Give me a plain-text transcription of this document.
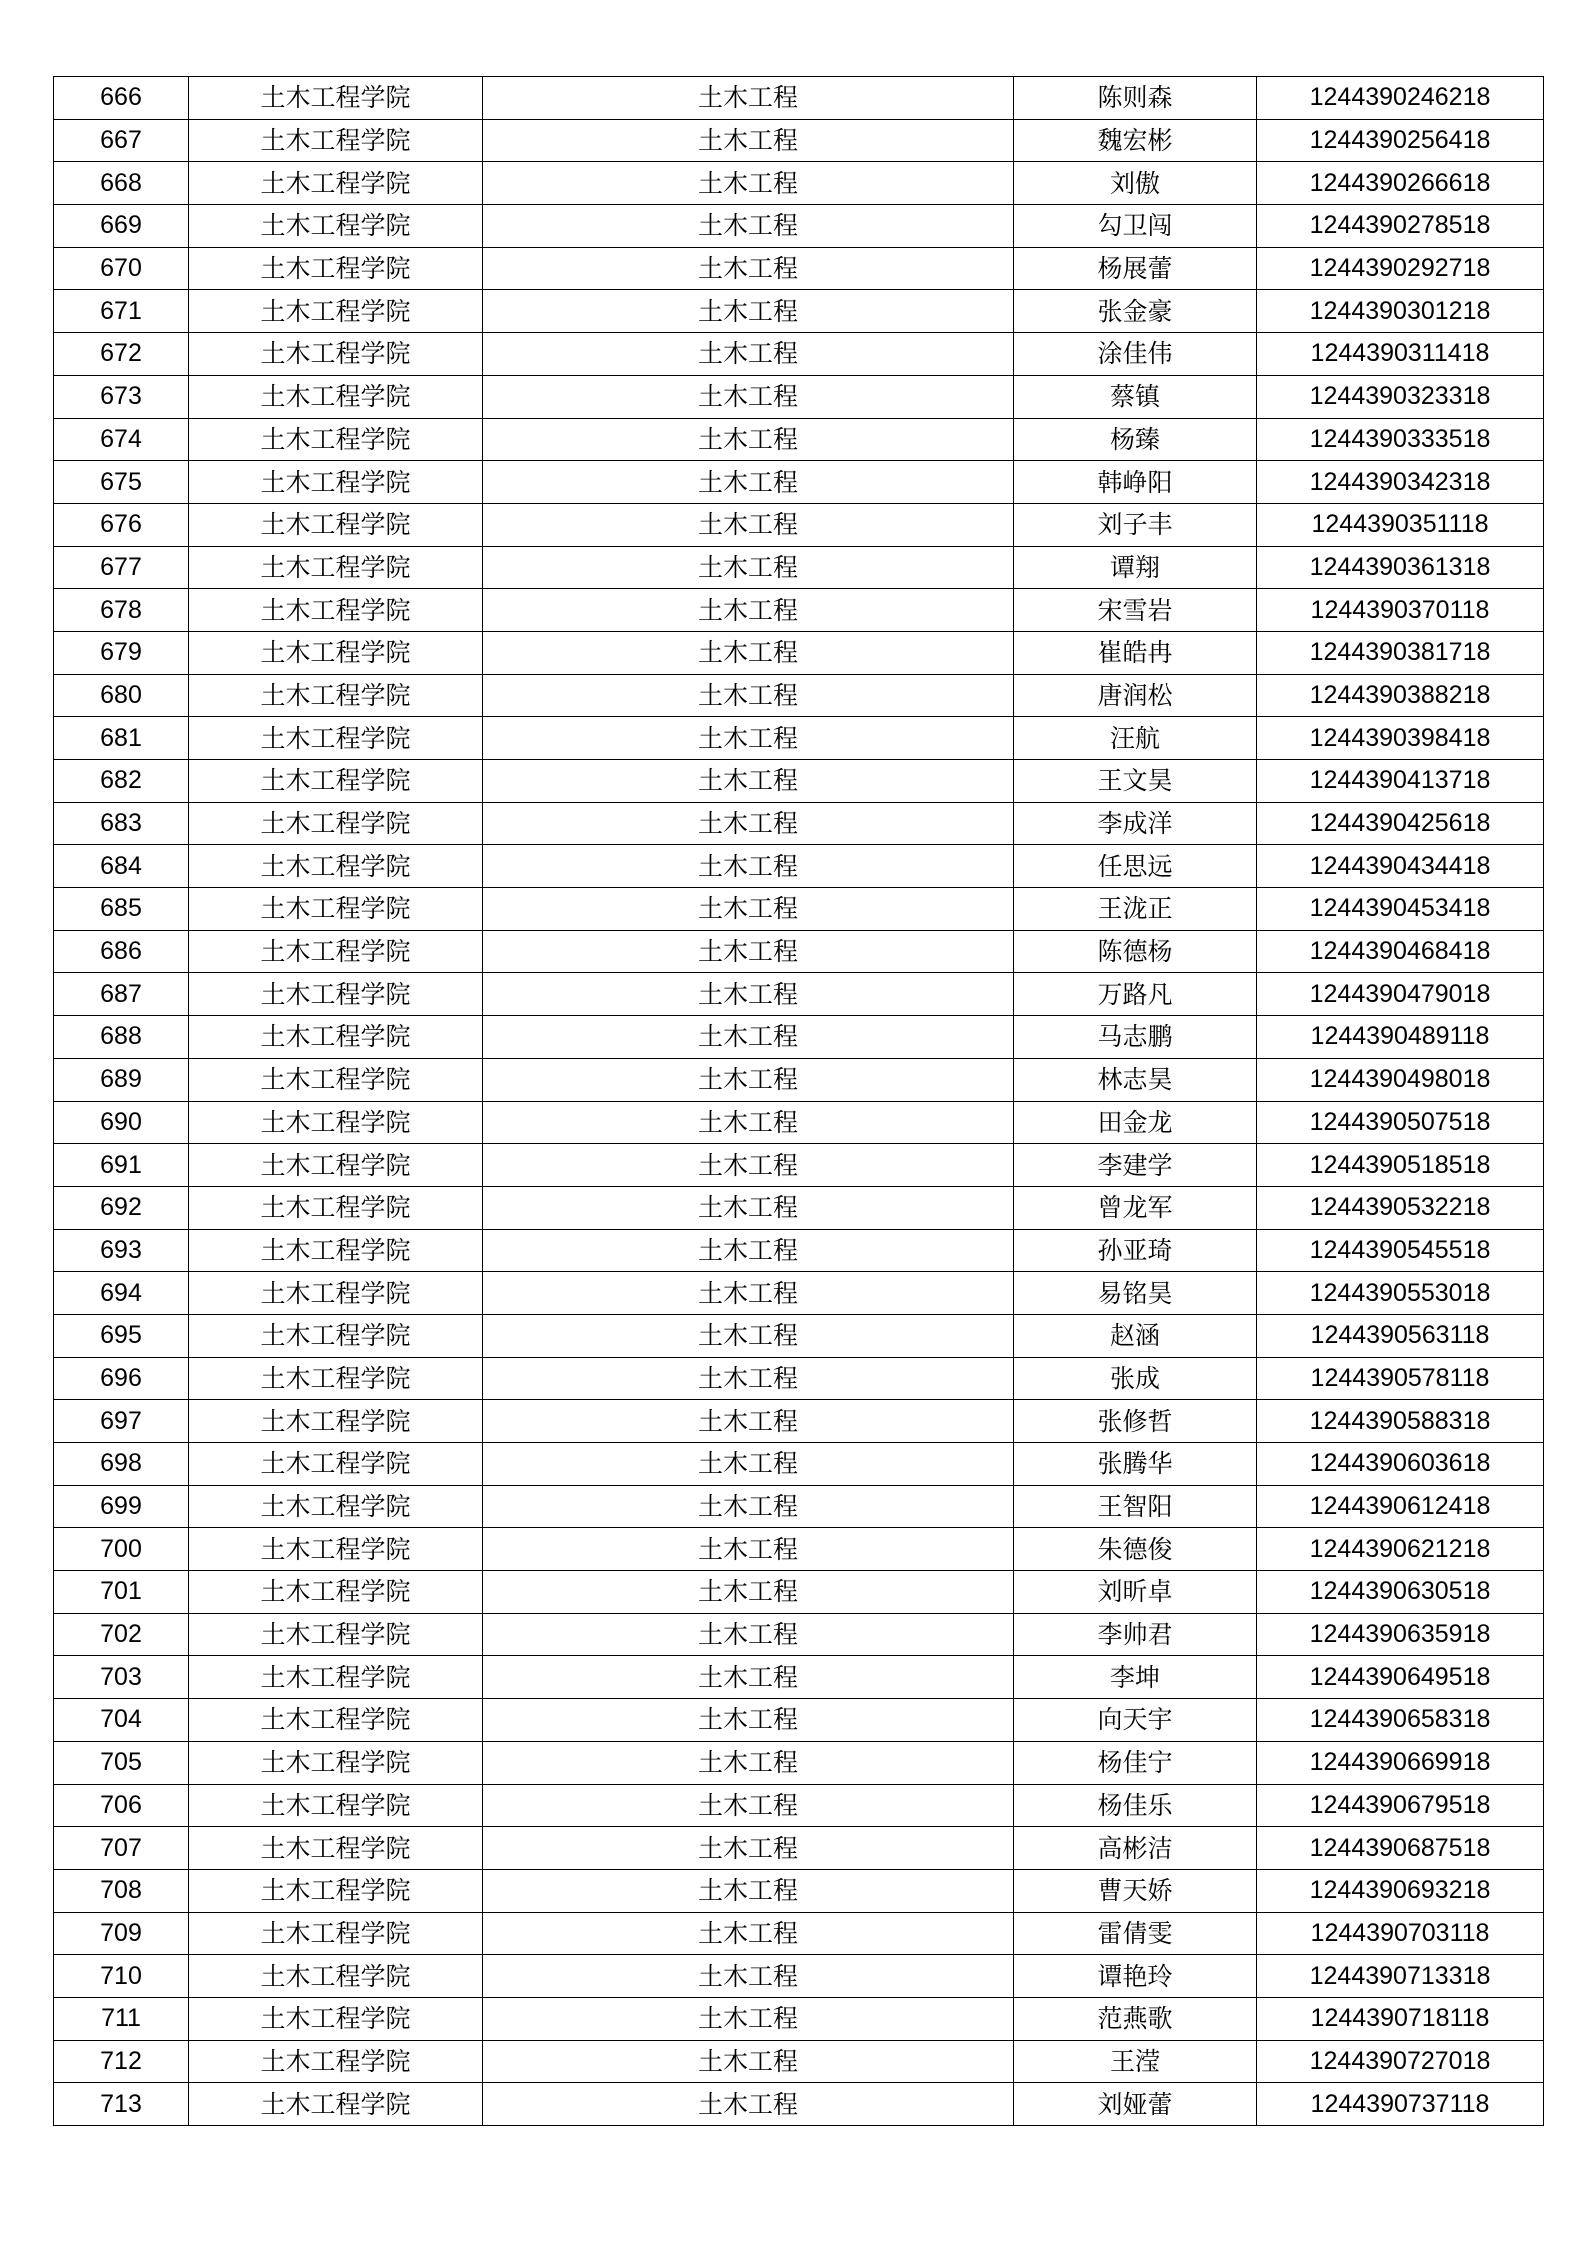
666	土木工程学院	土木工程	陈则森	1244390246218
667	土木工程学院	土木工程	魏宏彬	1244390256418
668	土木工程学院	土木工程	刘傲	1244390266618
669	土木工程学院	土木工程	勾卫闯	1244390278518
670	土木工程学院	土木工程	杨展蕾	1244390292718
671	土木工程学院	土木工程	张金豪	1244390301218
672	土木工程学院	土木工程	涂佳伟	1244390311418
673	土木工程学院	土木工程	蔡镇	1244390323318
674	土木工程学院	土木工程	杨臻	1244390333518
675	土木工程学院	土木工程	韩峥阳	1244390342318
676	土木工程学院	土木工程	刘子丰	1244390351118
677	土木工程学院	土木工程	谭翔	1244390361318
678	土木工程学院	土木工程	宋雪岩	1244390370118
679	土木工程学院	土木工程	崔皓冉	1244390381718
680	土木工程学院	土木工程	唐润松	1244390388218
681	土木工程学院	土木工程	汪航	1244390398418
682	土木工程学院	土木工程	王文昊	1244390413718
683	土木工程学院	土木工程	李成洋	1244390425618
684	土木工程学院	土木工程	任思远	1244390434418
685	土木工程学院	土木工程	王泷正	1244390453418
686	土木工程学院	土木工程	陈德杨	1244390468418
687	土木工程学院	土木工程	万路凡	1244390479018
688	土木工程学院	土木工程	马志鹏	1244390489118
689	土木工程学院	土木工程	林志昊	1244390498018
690	土木工程学院	土木工程	田金龙	1244390507518
691	土木工程学院	土木工程	李建学	1244390518518
692	土木工程学院	土木工程	曾龙军	1244390532218
693	土木工程学院	土木工程	孙亚琦	1244390545518
694	土木工程学院	土木工程	易铭昊	1244390553018
695	土木工程学院	土木工程	赵涵	1244390563118
696	土木工程学院	土木工程	张成	1244390578118
697	土木工程学院	土木工程	张修哲	1244390588318
698	土木工程学院	土木工程	张腾华	1244390603618
699	土木工程学院	土木工程	王智阳	1244390612418
700	土木工程学院	土木工程	朱德俊	1244390621218
701	土木工程学院	土木工程	刘昕卓	1244390630518
702	土木工程学院	土木工程	李帅君	1244390635918
703	土木工程学院	土木工程	李坤	1244390649518
704	土木工程学院	土木工程	向天宇	1244390658318
705	土木工程学院	土木工程	杨佳宁	1244390669918
706	土木工程学院	土木工程	杨佳乐	1244390679518
707	土木工程学院	土木工程	高彬洁	1244390687518
708	土木工程学院	土木工程	曹天娇	1244390693218
709	土木工程学院	土木工程	雷倩雯	1244390703118
710	土木工程学院	土木工程	谭艳玲	1244390713318
711	土木工程学院	土木工程	范燕歌	1244390718118
712	土木工程学院	土木工程	王滢	1244390727018
713	土木工程学院	土木工程	刘娅蕾	1244390737118
